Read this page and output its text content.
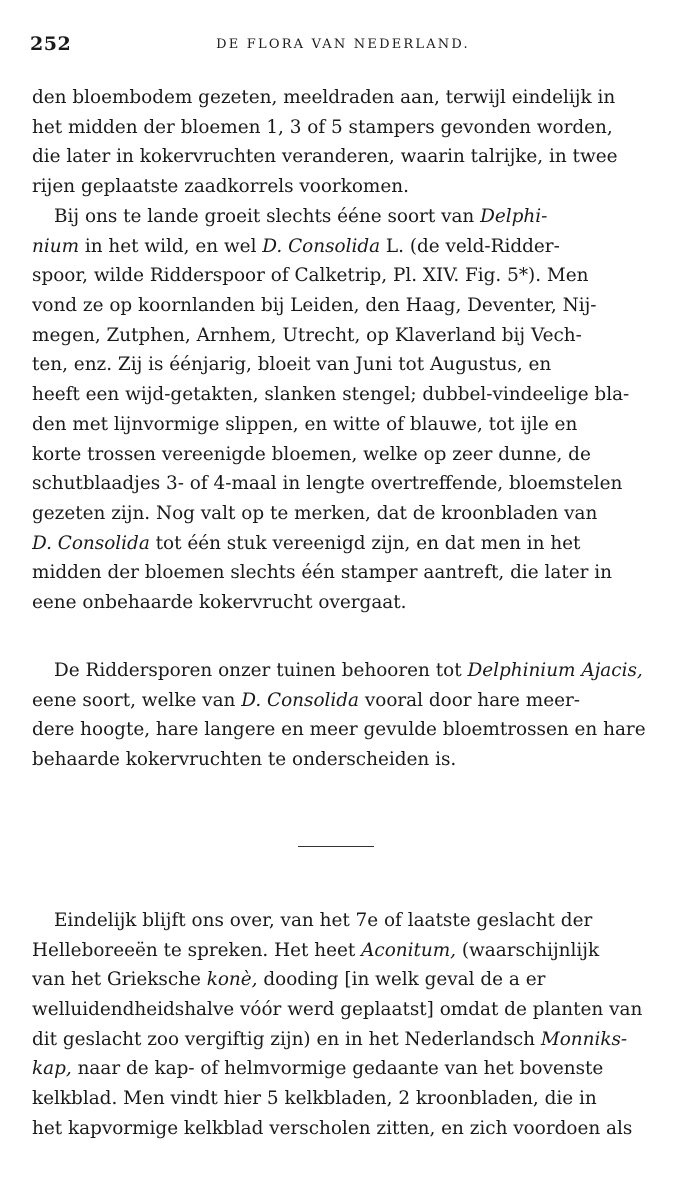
252	DE FLORA VAN NEDERLAND.
den bloembodem gezeten, meeldraden aan, terwijl eindelijk in
het midden der bloemen 1, 3 of 5 stampers gevonden worden,
die later in kokervruchten veranderen, waarin talrijke, in twee
rijen geplaatste zaadkorrels voorkomen.
Bij ons te lande groeit slechts ééne soort van Delphi-
nium in het wild, en wel D. Consolida L. (de veld-Ridder-
spoor, wilde Ridderspoor of Calketrip, Pl. XIV. Fig. 5*). Men
vond ze op koornlanden bij Leiden, den Haag, Deventer, Nij-
megen, Zutphen, Arnhem, Utrecht, op Klaverland bij Vech-
ten, enz. Zij is éénjarig, bloeit van Juni tot Augustus, en
heeft een wijd-getakten, slanken stengel; dubbel-vindeelige bla-
den met lijnvormige slippen, en witte of blauwe, tot ijle en
korte trossen vereenigde bloemen, welke op zeer dunne, de
schutblaadjes 3- of 4-maal in lengte overtreffende, bloemstelen
gezeten zijn. Nog valt op te merken, dat de kroonbladen van
D. Consolida tot één stuk vereenigd zijn, en dat men in het
midden der bloemen slechts één stamper aantreft, die later in
eene onbehaarde kokervrucht overgaat.
De Riddersporen onzer tuinen behooren tot Delphinium Ajacis,
eene soort, welke van D. Consolida vooral door hare meer-
dere hoogte, hare langere en meer gevulde bloemtrossen en hare
behaarde kokervruchten te onderscheiden is.
Eindelijk blijft ons over, van het 7e of laatste geslacht der
Helleboreeën te spreken. Het heet Aconitum, (waarschijnlijk
van het Grieksche konè, dooding [in welk geval de a er
welluidendheidshalve vóór werd geplaatst] omdat de planten van
dit geslacht zoo vergiftig zijn) en in het Nederlandsch Monniks-
kap, naar de kap- of helmvormige gedaante van het bovenste
kelkblad. Men vindt hier 5 kelkbladen, 2 kroonbladen, die in
het kapvormige kelkblad verscholen zitten, en zich voordoen als
